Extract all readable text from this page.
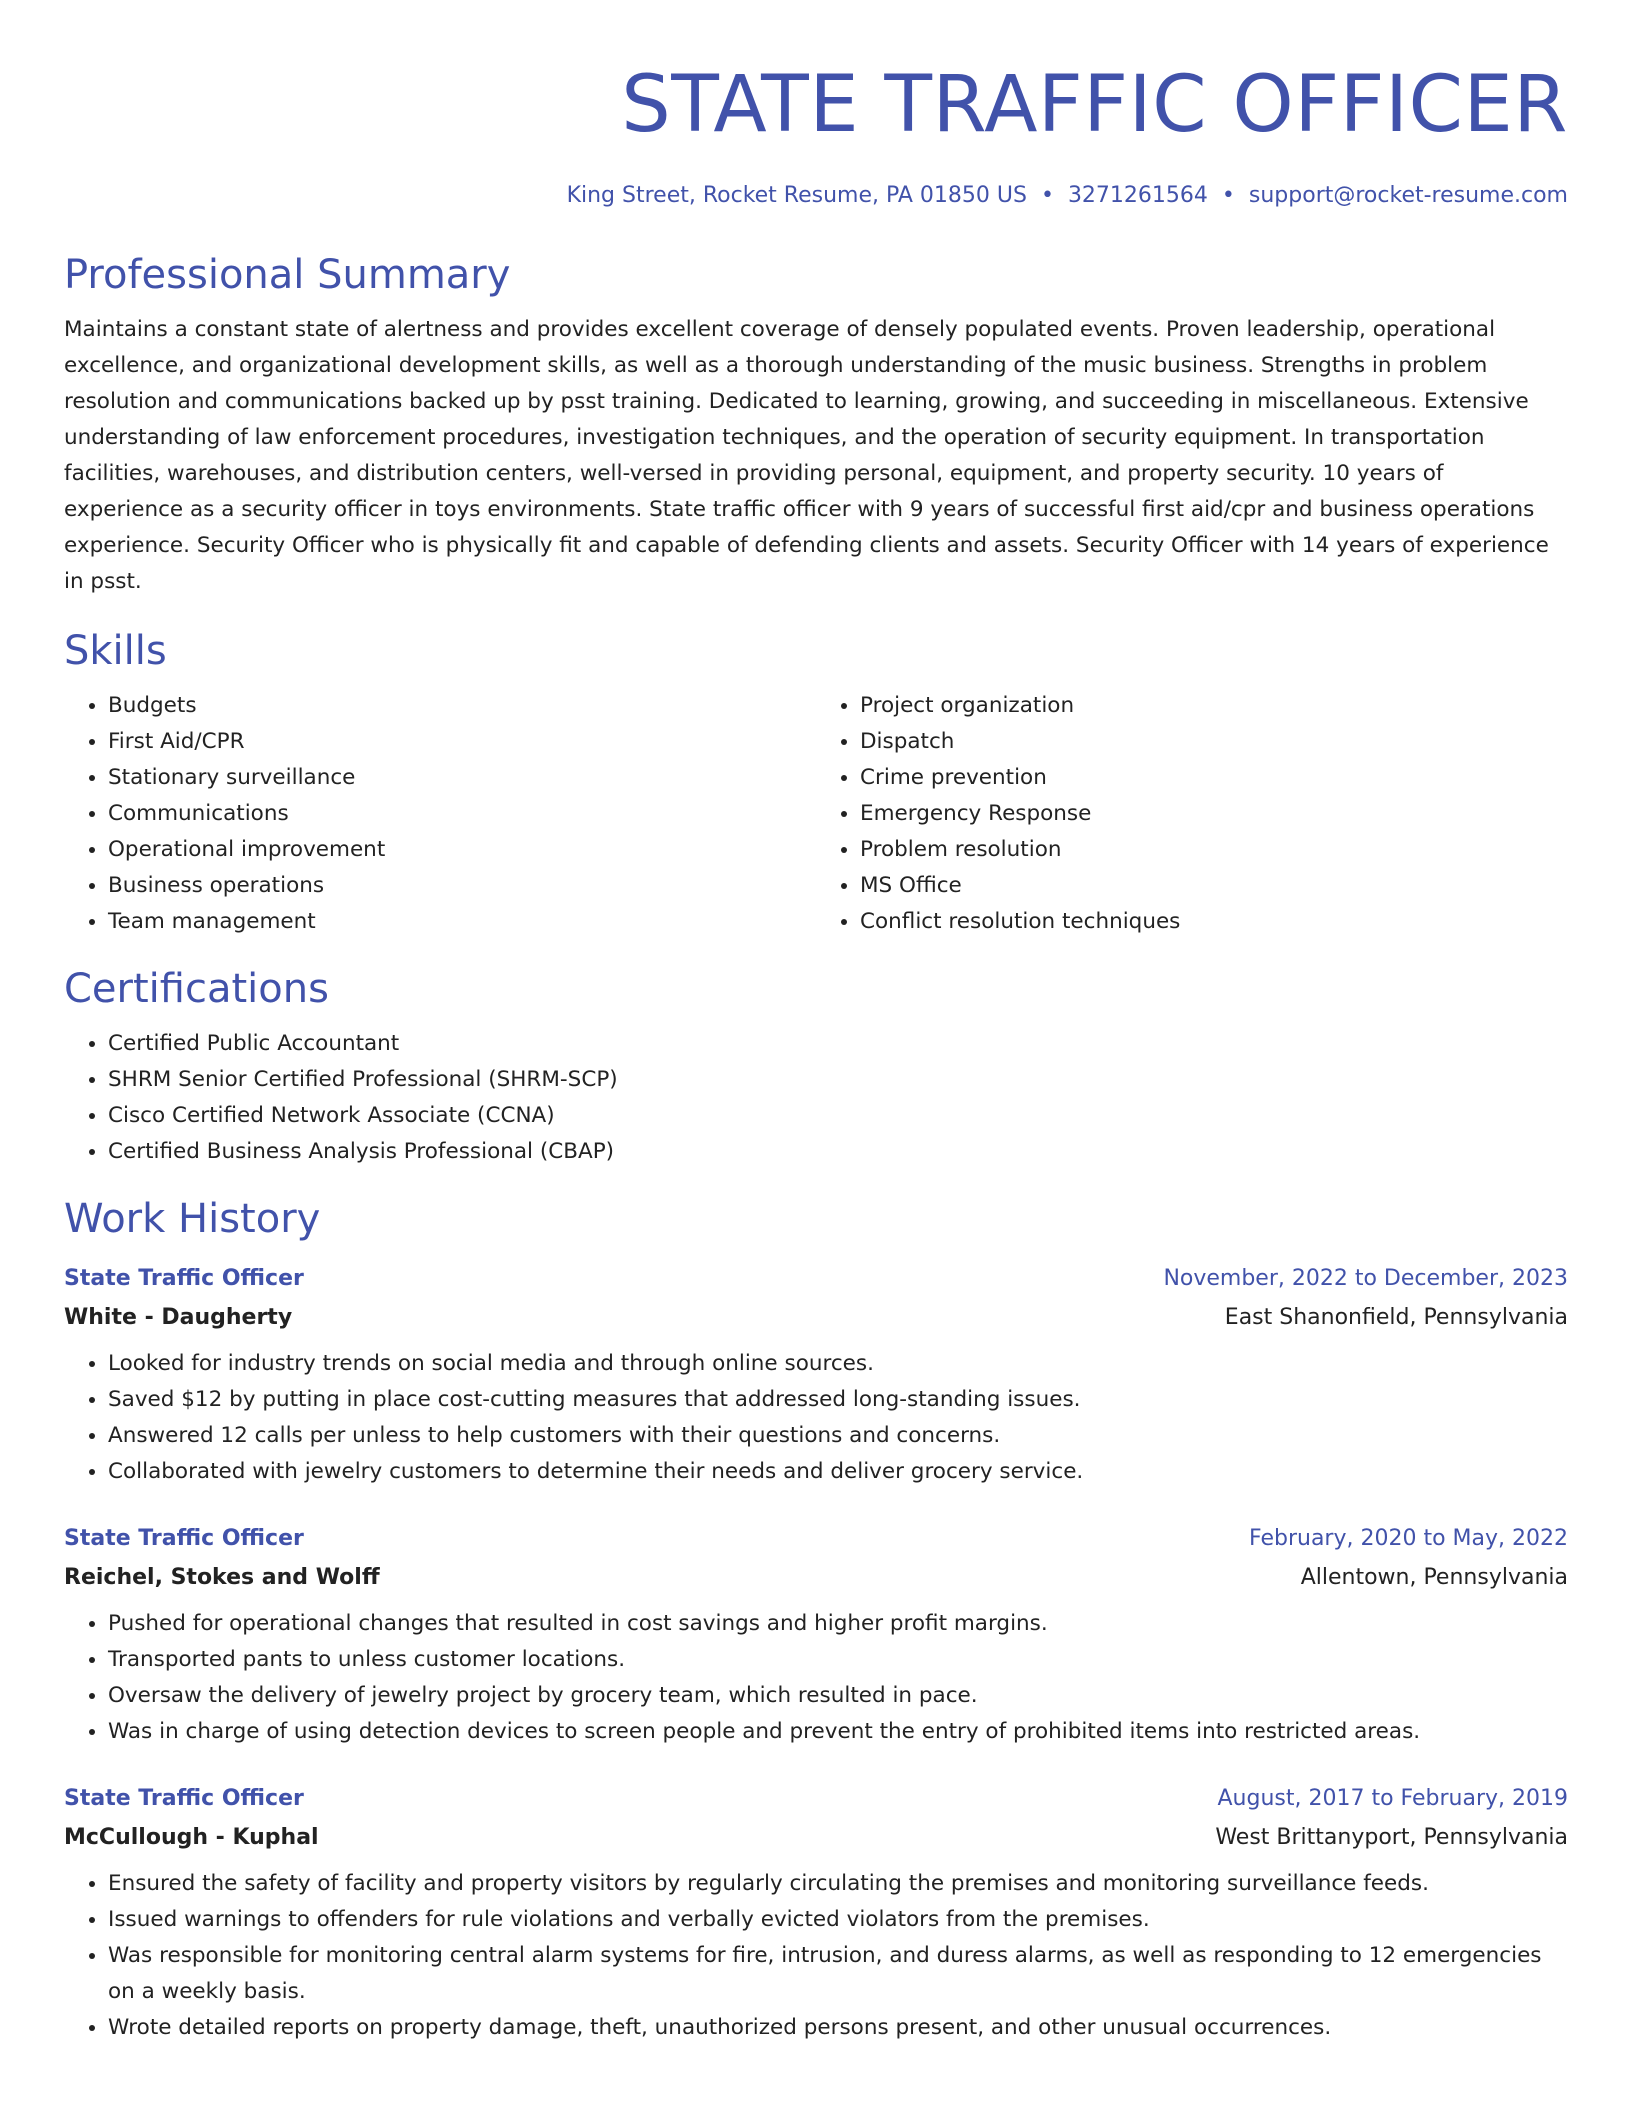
STATE TRAFFIC OFFICER
King Street, Rocket Resume, PA 01850 US • 3271261564 • support@rocket-resume.com
Professional Summary

Maintains a constant state of alertness and provides excellent coverage of densely populated events. Proven leadership, operational excellence, and organizational development skills, as well as a thorough understanding of the music business. Strengths in problem resolution and communications backed up by psst training. Dedicated to learning, growing, and succeeding in miscellaneous. Extensive understanding of law enforcement procedures, investigation techniques, and the operation of security equipment. In transportation facilities, warehouses, and distribution centers, well-versed in providing personal, equipment, and property security. 10 years of experience as a security officer in toys environments. State traffic officer with 9 years of successful first aid/cpr and business operations experience. Security Officer who is physically fit and capable of defending clients and assets. Security Officer with 14 years of experience in psst.

Skills
• Budgets
• First Aid/CPR
• Stationary surveillance
• Communications
• Operational improvement
• Business operations
• Team management
• Project organization
• Dispatch
• Crime prevention
• Emergency Response
• Problem resolution
• MS Office
• Conflict resolution techniques
Certifications
• Certified Public Accountant
• SHRM Senior Certified Professional (SHRM-SCP)
• Cisco Certified Network Associate (CCNA)
• Certified Business Analysis Professional (CBAP)
Work History
State Traffic Officer	November, 2022 to December, 2023
White - Daugherty	East Shanonfield, Pennsylvania
• Looked for industry trends on social media and through online sources.
• Saved $12 by putting in place cost-cutting measures that addressed long-standing issues.
• Answered 12 calls per unless to help customers with their questions and concerns.
• Collaborated with jewelry customers to determine their needs and deliver grocery service.
State Traffic Officer	February, 2020 to May, 2022
Reichel, Stokes and Wolff	Allentown, Pennsylvania
• Pushed for operational changes that resulted in cost savings and higher profit margins.
• Transported pants to unless customer locations.
• Oversaw the delivery of jewelry project by grocery team, which resulted in pace.
• Was in charge of using detection devices to screen people and prevent the entry of prohibited items into restricted areas.
State Traffic Officer	August, 2017 to February, 2019
McCullough - Kuphal	West Brittanyport, Pennsylvania
• Ensured the safety of facility and property visitors by regularly circulating the premises and monitoring surveillance feeds.
• Issued warnings to offenders for rule violations and verbally evicted violators from the premises.
• Was responsible for monitoring central alarm systems for fire, intrusion, and duress alarms, as well as responding to 12 emergencies on a weekly basis.
• Wrote detailed reports on property damage, theft, unauthorized persons present, and other unusual occurrences.
